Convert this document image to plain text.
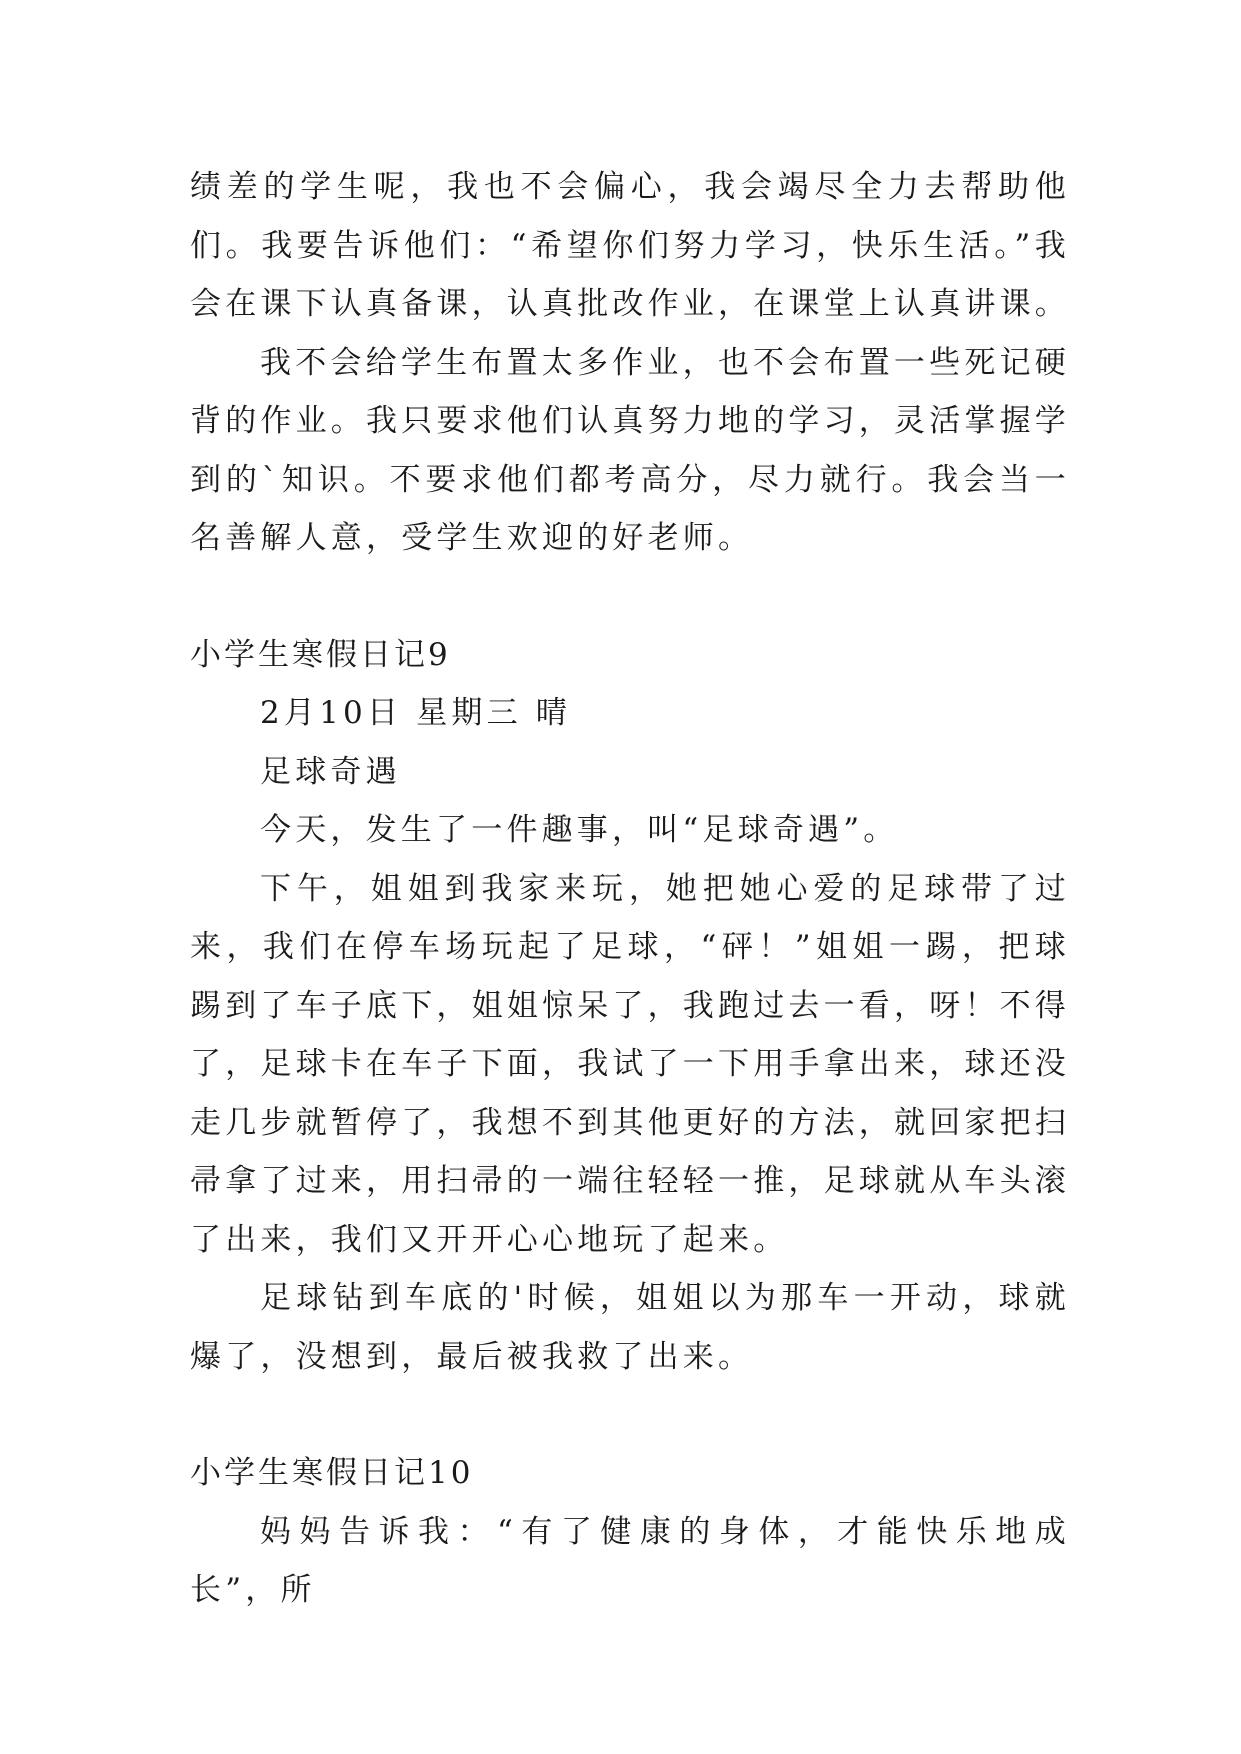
绩差的学生呢，我也不会偏心，我会竭尽全力去帮助他们。我要告诉他们：“希望你们努力学习，快乐生活。”我会在课下认真备课，认真批改作业，在课堂上认真讲课。

我不会给学生布置太多作业，也不会布置一些死记硬背的作业。我只要求他们认真努力地的学习，灵活掌握学到的`知识。不要求他们都考高分，尽力就行。我会当一名善解人意，受学生欢迎的好老师。

小学生寒假日记9

2月10日 星期三 晴

足球奇遇

今天，发生了一件趣事，叫“足球奇遇”。

下午，姐姐到我家来玩，她把她心爱的足球带了过来，我们在停车场玩起了足球，“砰！”姐姐一踢，把球踢到了车子底下，姐姐惊呆了，我跑过去一看，呀！不得了，足球卡在车子下面，我试了一下用手拿出来，球还没走几步就暂停了，我想不到其他更好的方法，就回家把扫帚拿了过来，用扫帚的一端往轻轻一推，足球就从车头滚了出来，我们又开开心心地玩了起来。

足球钻到车底的'时候，姐姐以为那车一开动，球就爆了，没想到，最后被我救了出来。

小学生寒假日记10

妈妈告诉我：“有了健康的身体，才能快乐地成长”，所
